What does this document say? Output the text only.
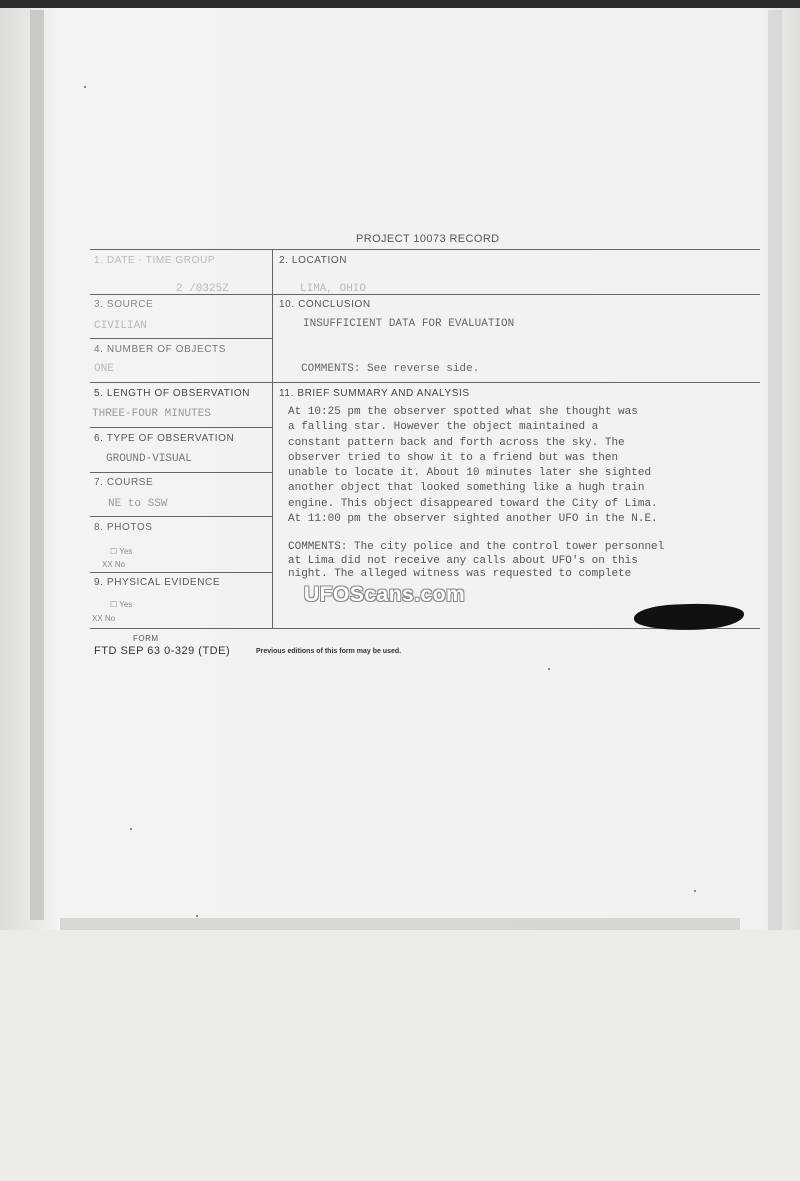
PROJECT 10073 RECORD
1. DATE - TIME GROUP
2 /0325Z
3. SOURCE
CIVILIAN
4. NUMBER OF OBJECTS
ONE
5. LENGTH OF OBSERVATION
THREE-FOUR MINUTES
6. TYPE OF OBSERVATION
GROUND-VISUAL
7. COURSE
NE to SSW
8. PHOTOS
☐ Yes
XX No
9. PHYSICAL EVIDENCE
☐ Yes
XX No
2. LOCATION
LIMA, OHIO
10. CONCLUSION
INSUFFICIENT DATA FOR EVALUATION
COMMENTS: See reverse side.
11. BRIEF SUMMARY AND ANALYSIS

At 10:25 pm the observer spotted what she thought was

a falling star. However the object maintained a

constant pattern back and forth across the sky. The

observer tried to show it to a friend but was then

unable to locate it. About 10 minutes later she sighted

another object that looked something like a hugh train

engine. This object disappeared toward the City of Lima.

At 11:00 pm the observer sighted another UFO in the N.E.

COMMENTS: The city police and the control tower personnel

at Lima did not receive any calls about UFO's on this

night. The alleged witness was requested to complete

UFOScans.com
FORM
FTD SEP 63 0-329 (TDE)	Previous editions of this form may be used.
